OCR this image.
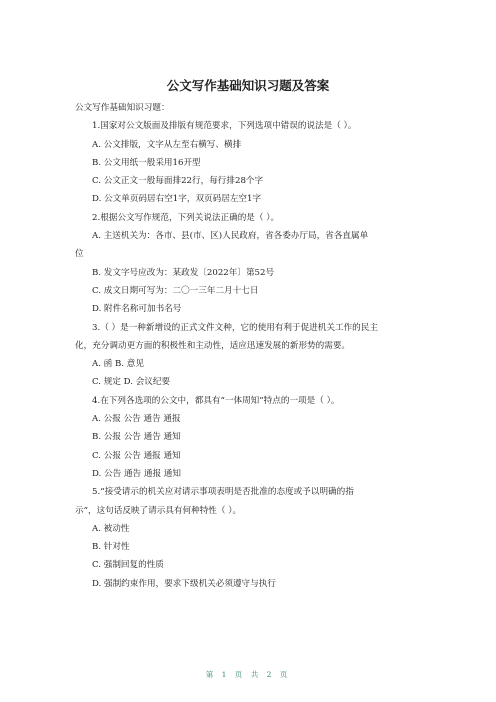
公文写作基础知识习题及答案
公文写作基础知识习题：
1.国家对公文版面及排版有规范要求，下列选项中错误的说法是（ ）。
A. 公文排版，文字从左至右横写、横排
B. 公文用纸一般采用16开型
C. 公文正文一般每面排22行，每行排28个字
D. 公文单页码居右空1字，双页码居左空1字
2.根据公文写作规范，下列关说法正确的是（ ）。
A. 主送机关为：各市、县(市、区)人民政府，省各委办厅局，省各直属单
位
B. 发文字号应改为：某政发〔2022年〕第52号
C. 成文日期可写为：二〇一三年二月十七日
D. 附件名称可加书名号
3.（ ）是一种新增设的正式文件文种，它的使用有利于促进机关工作的民主
化，充分调动更方面的积极性和主动性，适应迅速发展的新形势的需要。
A. 函 B. 意见
C. 规定 D. 会议纪要
4.在下列各选项的公文中，都具有“一体周知”特点的一项是（ ）。
A. 公报 公告 通告 通报
B. 公报 公告 通告 通知
C. 公报 公告 通报 通知
D. 公告 通告 通报 通知
5.“接受请示的机关应对请示事项表明是否批准的态度或予以明确的指
示”，这句话反映了请示具有何种特性（ ）。
A. 被动性
B. 针对性
C. 强制回复的性质
D. 强制约束作用，要求下级机关必须遵守与执行
第 1 页 共 2 页
